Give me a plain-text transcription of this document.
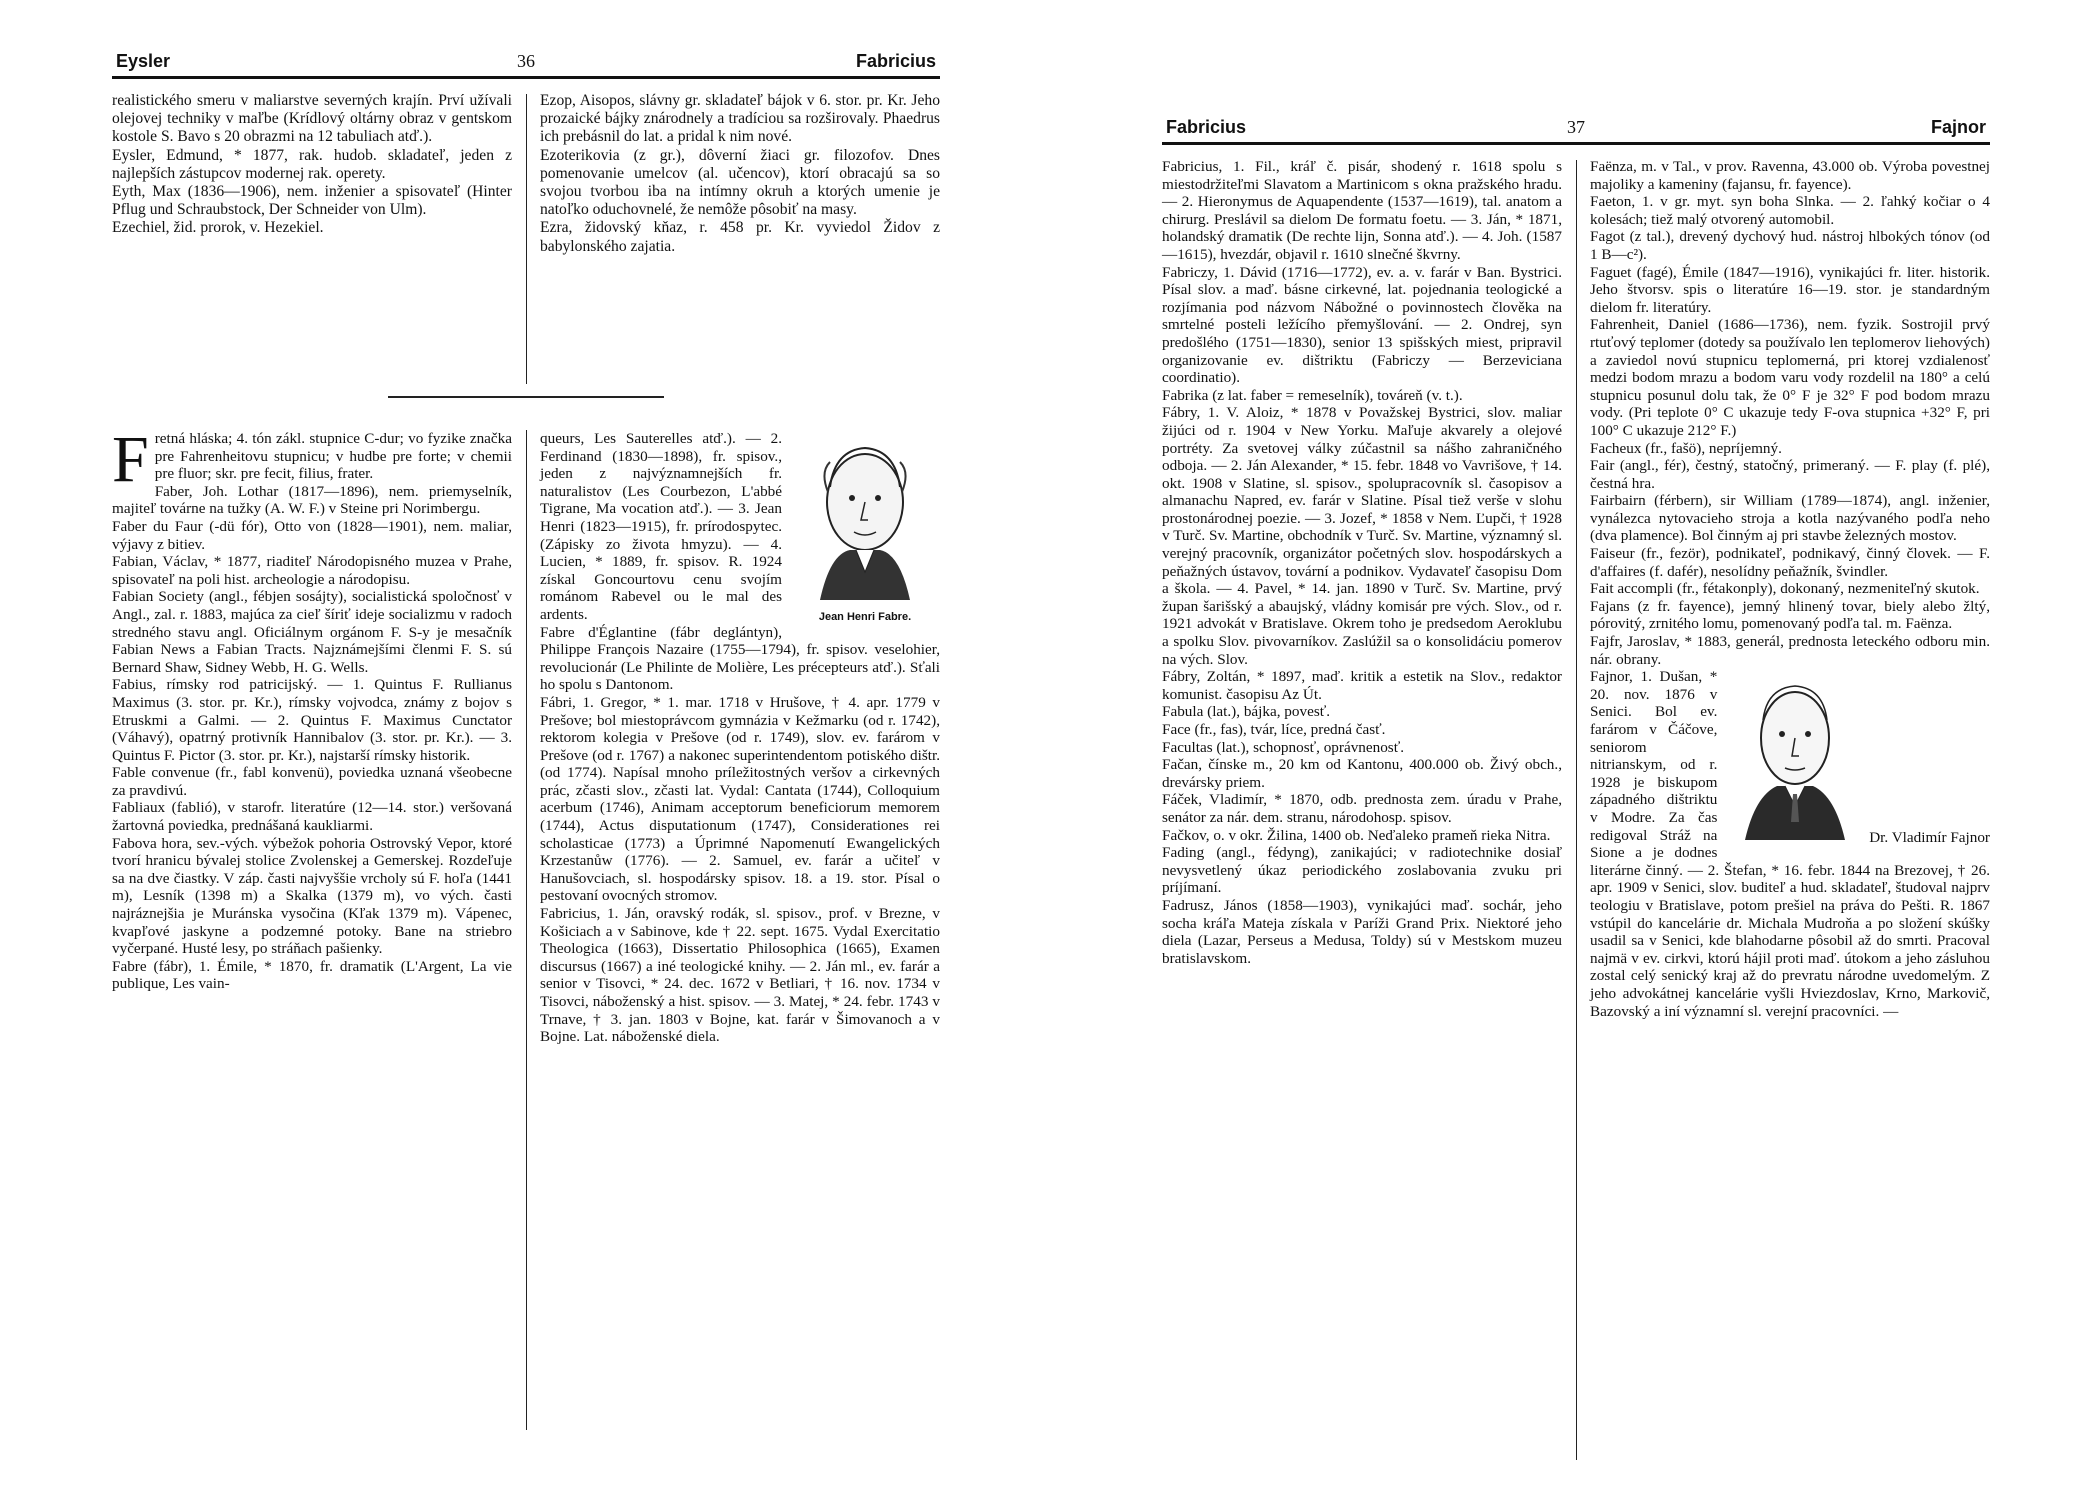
Eysler	36	Fabricius

realistického smeru v maliarstve severných krajín. Prví užívali olejovej techniky v maľbe (Krídlový oltárny obraz v gentskom kostole S. Bavo s 20 obrazmi na 12 tabuliach atď.).

Eysler, Edmund, * 1877, rak. hudob. skladateľ, jeden z najlepších zástupcov modernej rak. operety.

Eyth, Max (1836—1906), nem. inženier a spisovateľ (Hinter Pflug und Schraubstock, Der Schneider von Ulm).

Ezechiel, žid. prorok, v. Hezekiel.

Ezop, Aisopos, slávny gr. skladateľ bájok v 6. stor. pr. Kr. Jeho prozaické bájky znárodnely a tradíciou sa rozširovaly. Phaedrus ich prebásnil do lat. a pridal k nim nové.

Ezoterikovia (z gr.), dôverní žiaci gr. filozofov. Dnes pomenovanie umelcov (al. učencov), ktorí obracajú sa so svojou tvorbou iba na intímny okruh a ktorých umenie je natoľko oduchovnelé, že nemôže pôsobiť na masy.

Ezra, židovský kňaz, r. 458 pr. Kr. vyviedol Židov z babylonského zajatia.

Fretná hláska; 4. tón zákl. stupnice C-dur; vo fyzike značka pre Fahrenheitovu stupnicu; v hudbe pre forte; v chemii pre fluor; skr. pre fecit, filius, frater.

Faber, Joh. Lothar (1817—1896), nem. priemyselník, majiteľ továrne na tužky (A. W. F.) v Steine pri Norimbergu.

Faber du Faur (-dü fór), Otto von (1828—1901), nem. maliar, výjavy z bitiev.

Fabian, Václav, * 1877, riaditeľ Národopisného muzea v Prahe, spisovateľ na poli hist. archeologie a národopisu.

Fabian Society (angl., fébjen sosájty), socialistická spoločnosť v Angl., zal. r. 1883, majúca za cieľ šíriť ideje socializmu v radoch stredného stavu angl. Oficiálnym orgánom F. S-y je mesačník Fabian News a Fabian Tracts. Najznámejšími členmi F. S. sú Bernard Shaw, Sidney Webb, H. G. Wells.

Fabius, rímsky rod patricijský. — 1. Quintus F. Rullianus Maximus (3. stor. pr. Kr.), rímsky vojvodca, známy z bojov s Etruskmi a Galmi. — 2. Quintus F. Maximus Cunctator (Váhavý), opatrný protivník Hannibalov (3. stor. pr. Kr.). — 3. Quintus F. Pictor (3. stor. pr. Kr.), najstarší rímsky historik.

Fable convenue (fr., fabl konvenü), poviedka uznaná všeobecne za pravdivú.

Fabliaux (fablió), v starofr. literatúre (12—14. stor.) veršovaná žartovná poviedka, prednášaná kaukliarmi.

Fabova hora, sev.-vých. výbežok pohoria Ostrovský Vepor, ktoré tvorí hranicu bývalej stolice Zvolenskej a Gemerskej. Rozdeľuje sa na dve čiastky. V záp. časti najvyššie vrcholy sú F. hoľa (1441 m), Lesník (1398 m) a Skalka (1379 m), vo vých. časti najráznejšia je Muránska vysočina (Kľak 1379 m). Vápenec, kvapľové jaskyne a podzemné potoky. Bane na striebro vyčerpané. Husté lesy, po stráňach pašienky.

Fabre (fábr), 1. Émile, * 1870, fr. dramatik (L'Argent, La vie publique, Les vain-

Jean Henri Fabre.

queurs, Les Sauterelles atď.). — 2. Ferdinand (1830—1898), fr. spisov., jeden z najvýznamnejších fr. naturalistov (Les Courbezon, L'abbé Tigrane, Ma vocation atď.). — 3. Jean Henri (1823—1915), fr. prírodospytec. (Zápisky zo života hmyzu). — 4. Lucien, * 1889, fr. spisov. R. 1924 získal Goncourtovu cenu svojím románom Rabevel ou le mal des ardents.

Fabre d'Églantine (fábr deglántyn), Philippe François Nazaire (1755—1794), fr. spisov. veselohier, revolucionár (Le Philinte de Molière, Les précepteurs atď.). Sťali ho spolu s Dantonom.

Fábri, 1. Gregor, * 1. mar. 1718 v Hrušove, † 4. apr. 1779 v Prešove; bol miestoprávcom gymnázia v Kežmarku (od r. 1742), rektorom kolegia v Prešove (od r. 1749), slov. ev. farárom v Prešove (od r. 1767) a nakonec superintendentom potiského dištr. (od 1774). Napísal mnoho príležitostných veršov a cirkevných prác, zčasti slov., zčasti lat. Vydal: Cantata (1744), Colloquium acerbum (1746), Animam acceptorum beneficiorum memorem (1744), Actus disputationum (1747), Considerationes rei scholasticae (1773) a Úprimné Napomenutí Ewangelických Krzestanůw (1776). — 2. Samuel, ev. farár a učiteľ v Hanušovciach, sl. hospodársky spisov. 18. a 19. stor. Písal o pestovaní ovocných stromov.

Fabricius, 1. Ján, oravský rodák, sl. spisov., prof. v Brezne, v Košiciach a v Sabinove, kde † 22. sept. 1675. Vydal Exercitatio Theologica (1663), Dissertatio Philosophica (1665), Examen discursus (1667) a iné teologické knihy. — 2. Ján ml., ev. farár a senior v Tisovci, * 24. dec. 1672 v Betliari, † 16. nov. 1734 v Tisovci, náboženský a hist. spisov. — 3. Matej, * 24. febr. 1743 v Trnave, † 3. jan. 1803 v Bojne, kat. farár v Šimovanoch a v Bojne. Lat. náboženské diela.

Fabricius	37	Fajnor

Fabricius, 1. Fil., kráľ č. pisár, shodený r. 1618 spolu s miestodržiteľmi Slavatom a Martinicom s okna pražského hradu. — 2. Hieronymus de Aquapendente (1537—1619), tal. anatom a chirurg. Preslávil sa dielom De formatu foetu. — 3. Ján, * 1871, holandský dramatik (De rechte lijn, Sonna atď.). — 4. Joh. (1587—1615), hvezdár, objavil r. 1610 slnečné škvrny.

Fabriczy, 1. Dávid (1716—1772), ev. a. v. farár v Ban. Bystrici. Písal slov. a maď. básne cirkevné, lat. pojednania teologické a rozjímania pod názvom Nábožné o povinnostech člověka na smrtelné posteli ležícího přemyšlování. — 2. Ondrej, syn predošlého (1751—1830), senior 13 spišských miest, pripravil organizovanie ev. dištriktu (Fabriczy — Berzeviciana coordinatio).

Fabrika (z lat. faber = remeselník), továreň (v. t.).

Fábry, 1. V. Aloiz, * 1878 v Považskej Bystrici, slov. maliar žijúci od r. 1904 v New Yorku. Maľuje akvarely a olejové portréty. Za svetovej války zúčastnil sa nášho zahraničného odboja. — 2. Ján Alexander, * 15. febr. 1848 vo Vavrišove, † 14. okt. 1908 v Slatine, sl. spisov., spolupracovník sl. časopisov a almanachu Napred, ev. farár v Slatine. Písal tiež verše v slohu prostonárodnej poezie. — 3. Jozef, * 1858 v Nem. Ľupči, † 1928 v Turč. Sv. Martine, obchodník v Turč. Sv. Martine, významný sl. verejný pracovník, organizátor početných slov. hospodárskych a peňažných ústavov, tovární a podnikov. Vydavateľ časopisu Dom a škola. — 4. Pavel, * 14. jan. 1890 v Turč. Sv. Martine, prvý župan šarišský a abaujský, vládny komisár pre vých. Slov., od r. 1921 advokát v Bratislave. Okrem toho je predsedom Aeroklubu a spolku Slov. pivovarníkov. Zaslúžil sa o konsolidáciu pomerov na vých. Slov.

Fábry, Zoltán, * 1897, maď. kritik a estetik na Slov., redaktor komunist. časopisu Az Út.

Fabula (lat.), bájka, povesť.

Face (fr., fas), tvár, líce, predná časť.

Facultas (lat.), schopnosť, oprávnenosť.

Fačan, čínske m., 20 km od Kantonu, 400.000 ob. Živý obch., drevársky priem.

Fáček, Vladimír, * 1870, odb. prednosta zem. úradu v Prahe, senátor za nár. dem. stranu, národohosp. spisov.

Fačkov, o. v okr. Žilina, 1400 ob. Neďaleko prameň rieka Nitra.

Fading (angl., fédyng), zanikajúci; v radiotechnike dosiaľ nevysvetlený úkaz periodického zoslabovania zvuku pri príjímaní.

Fadrusz, János (1858—1903), vynikajúci maď. sochár, jeho socha kráľa Mateja získala v Paríži Grand Prix. Niektoré jeho diela (Lazar, Perseus a Medusa, Toldy) sú v Mestskom muzeu bratislavskom.

Faënza, m. v Tal., v prov. Ravenna, 43.000 ob. Výroba povestnej majoliky a kameniny (fajansu, fr. fayence).

Faeton, 1. v gr. myt. syn boha Slnka. — 2. ľahký kočiar o 4 kolesách; tiež malý otvorený automobil.

Fagot (z tal.), drevený dychový hud. nástroj hlbokých tónov (od 1 B—c²).

Faguet (fagé), Émile (1847—1916), vynikajúci fr. liter. historik. Jeho štvorsv. spis o literatúre 16—19. stor. je standardným dielom fr. literatúry.

Fahrenheit, Daniel (1686—1736), nem. fyzik. Sostrojil prvý rtuťový teplomer (dotedy sa používalo len teplomerov liehových) a zaviedol novú stupnicu teplomerná, pri ktorej vzdialenosť medzi bodom mrazu a bodom varu vody rozdelil na 180° a celú stupnicu posunul dolu tak, že 0° F je 32° F pod bodom mrazu vody. (Pri teplote 0° C ukazuje tedy F-ova stupnica +32° F, pri 100° C ukazuje 212° F.)

Facheux (fr., fašö), nepríjemný.

Fair (angl., fér), čestný, statočný, primeraný. — F. play (f. plé), čestná hra.

Fairbairn (férbern), sir William (1789—1874), angl. inženier, vynálezca nytovacieho stroja a kotla nazývaného podľa neho (dva plamence). Bol činným aj pri stavbe železných mostov.

Faiseur (fr., fezör), podnikateľ, podnikavý, činný človek. — F. d'affaires (f. dafér), nesolídny peňažník, švindler.

Fait accompli (fr., fétakonply), dokonaný, nezmeniteľný skutok.

Fajans (z fr. fayence), jemný hlinený tovar, biely alebo žltý, pórovitý, zrnitého lomu, pomenovaný podľa tal. m. Faënza.

Fajfr, Jaroslav, * 1883, generál, prednosta leteckého odboru min. nár. obrany.

Dr. Vladimír Fajnor

Fajnor, 1. Dušan, * 20. nov. 1876 v Senici. Bol ev. farárom v Čáčove, seniorom nitrianskym, od r. 1928 je biskupom západného dištriktu v Modre. Za čas redigoval Stráž na Sione a je dodnes literárne činný. — 2. Štefan, * 16. febr. 1844 na Brezovej, † 26. apr. 1909 v Senici, slov. buditeľ a hud. skladateľ, študoval najprv teologiu v Bratislave, potom prešiel na práva do Pešti. R. 1867 vstúpil do kancelárie dr. Michala Mudroňa a po složení skúšky usadil sa v Senici, kde blahodarne pôsobil až do smrti. Pracoval najmä v ev. cirkvi, ktorú hájil proti maď. útokom a jeho zásluhou zostal celý senický kraj až do prevratu národne uvedomelým. Z jeho advokátnej kancelárie vyšli Hviezdoslav, Krno, Markovič, Bazovský a iní významní sl. verejní pracovníci. —
